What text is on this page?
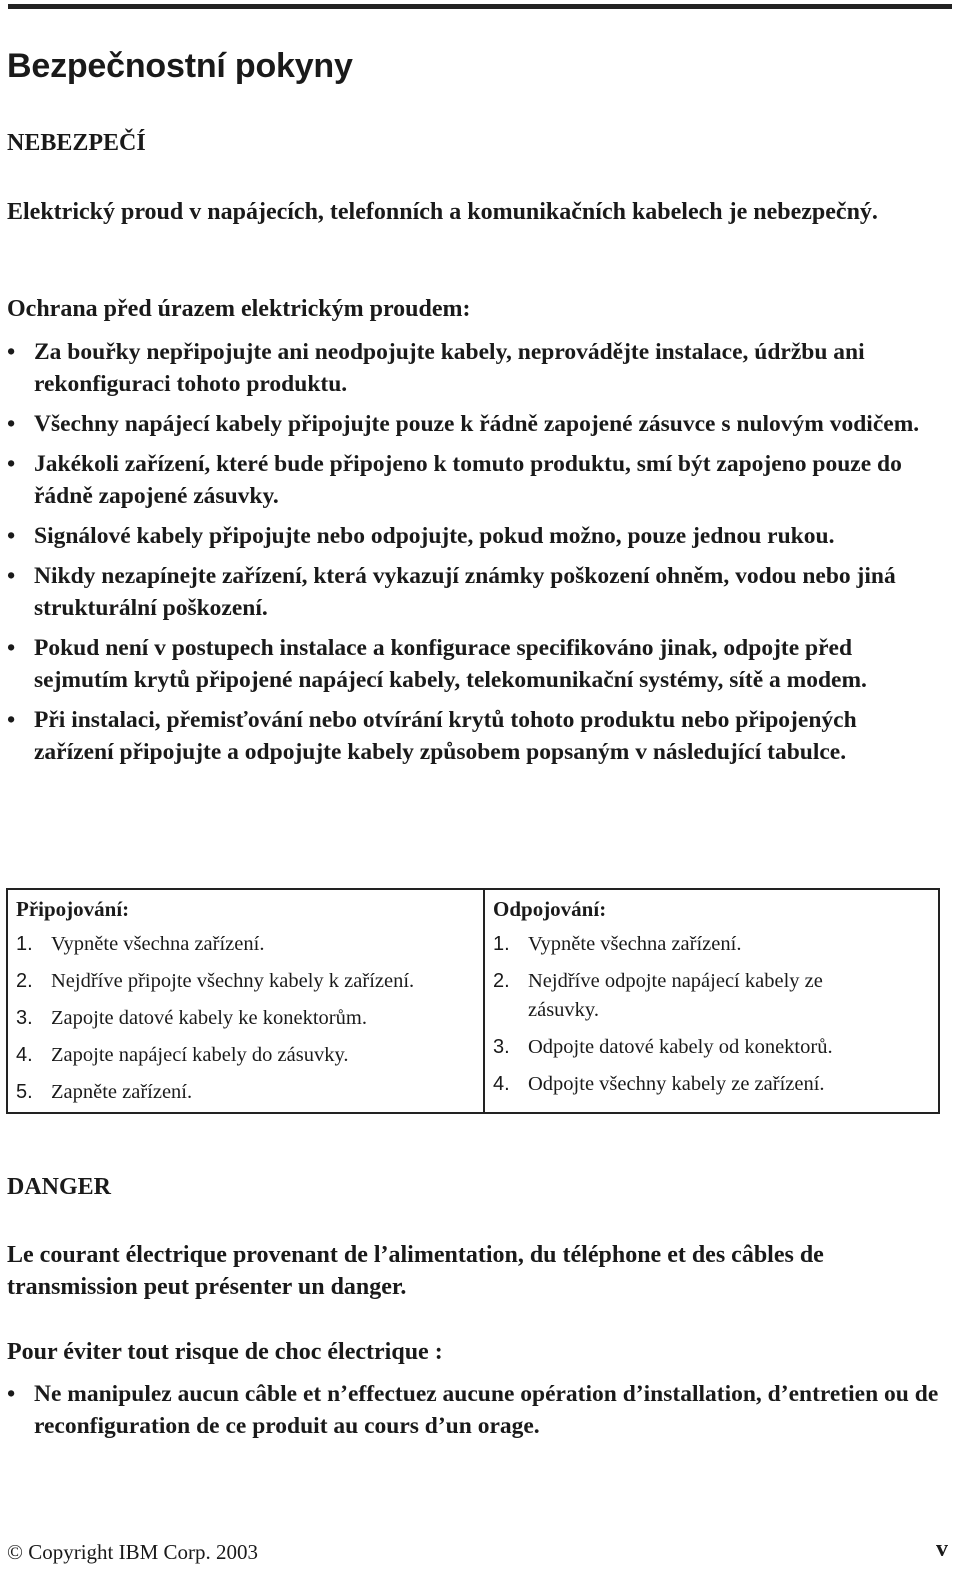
Bezpečnostní pokyny

NEBEZPEČÍ

Elektrický proud v napájecích, telefonních a komunikačních kabelech je nebezpečný.

Ochrana před úrazem elektrickým proudem:

• Za bouřky nepřipojujte ani neodpojujte kabely, neprovádějte instalace, údržbu ani rekonfiguraci tohoto produktu.
• Všechny napájecí kabely připojujte pouze k řádně zapojené zásuvce s nulovým vodičem.
• Jakékoli zařízení, které bude připojeno k tomuto produktu, smí být zapojeno pouze do řádně zapojené zásuvky.
• Signálové kabely připojujte nebo odpojujte, pokud možno, pouze jednou rukou.
• Nikdy nezapínejte zařízení, která vykazují známky poškození ohněm, vodou nebo jiná strukturální poškození.
• Pokud není v postupech instalace a konfigurace specifikováno jinak, odpojte před sejmutím krytů připojené napájecí kabely, telekomunikační systémy, sítě a modem.
• Při instalaci, přemisťování nebo otvírání krytů tohoto produktu nebo připojených zařízení připojujte a odpojujte kabely způsobem popsaným v následující tabulce.

Připojování:

1. Vypněte všechna zařízení.
2. Nejdříve připojte všechny kabely k zařízení.
3. Zapojte datové kabely ke konektorům.
4. Zapojte napájecí kabely do zásuvky.
5. Zapněte zařízení.

Odpojování:

1. Vypněte všechna zařízení.
2. Nejdříve odpojte napájecí kabely ze zásuvky.
3. Odpojte datové kabely od konektorů.
4. Odpojte všechny kabely ze zařízení.

DANGER

Le courant électrique provenant de l’alimentation, du téléphone et des câbles de transmission peut présenter un danger.

Pour éviter tout risque de choc électrique :

• Ne manipulez aucun câble et n’effectuez aucune opération d’installation, d’entretien ou de reconfiguration de ce produit au cours d’un orage.

© Copyright IBM Corp. 2003	v
